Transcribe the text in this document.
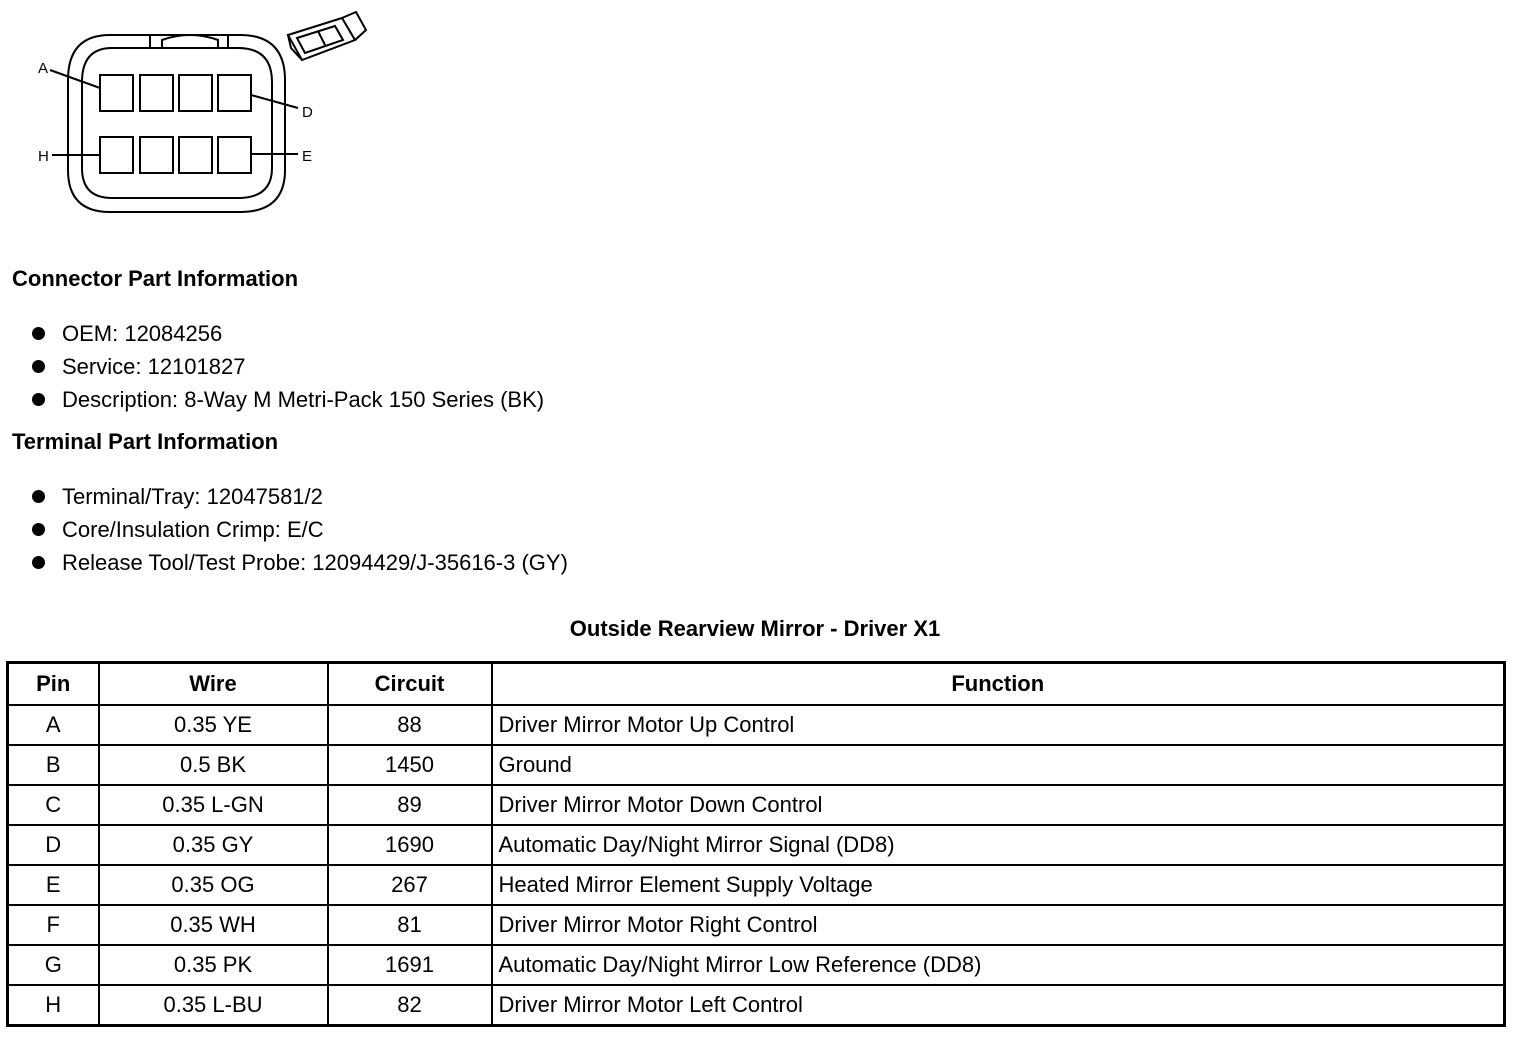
A
D
H	E
Connector Part Information
OEM: 12084256
Service: 12101827
Description: 8-Way M Metri-Pack 150 Series (BK)
Terminal Part Information
Terminal/Tray: 12047581/2
Core/Insulation Crimp: E/C
Release Tool/Test Probe: 12094429/J-35616-3 (GY)
Outside Rearview Mirror - Driver X1
Pin	Wire	Circuit	Function
A	0.35 YE	88	Driver Mirror Motor Up Control
B	0.5 BK	1450	Ground
C	0.35 L-GN	89	Driver Mirror Motor Down Control
D	0.35 GY	1690	Automatic Day/Night Mirror Signal (DD8)
E	0.35 OG	267	Heated Mirror Element Supply Voltage
F	0.35 WH	81	Driver Mirror Motor Right Control
G	0.35 PK	1691	Automatic Day/Night Mirror Low Reference (DD8)
H	0.35 L-BU	82	Driver Mirror Motor Left Control
